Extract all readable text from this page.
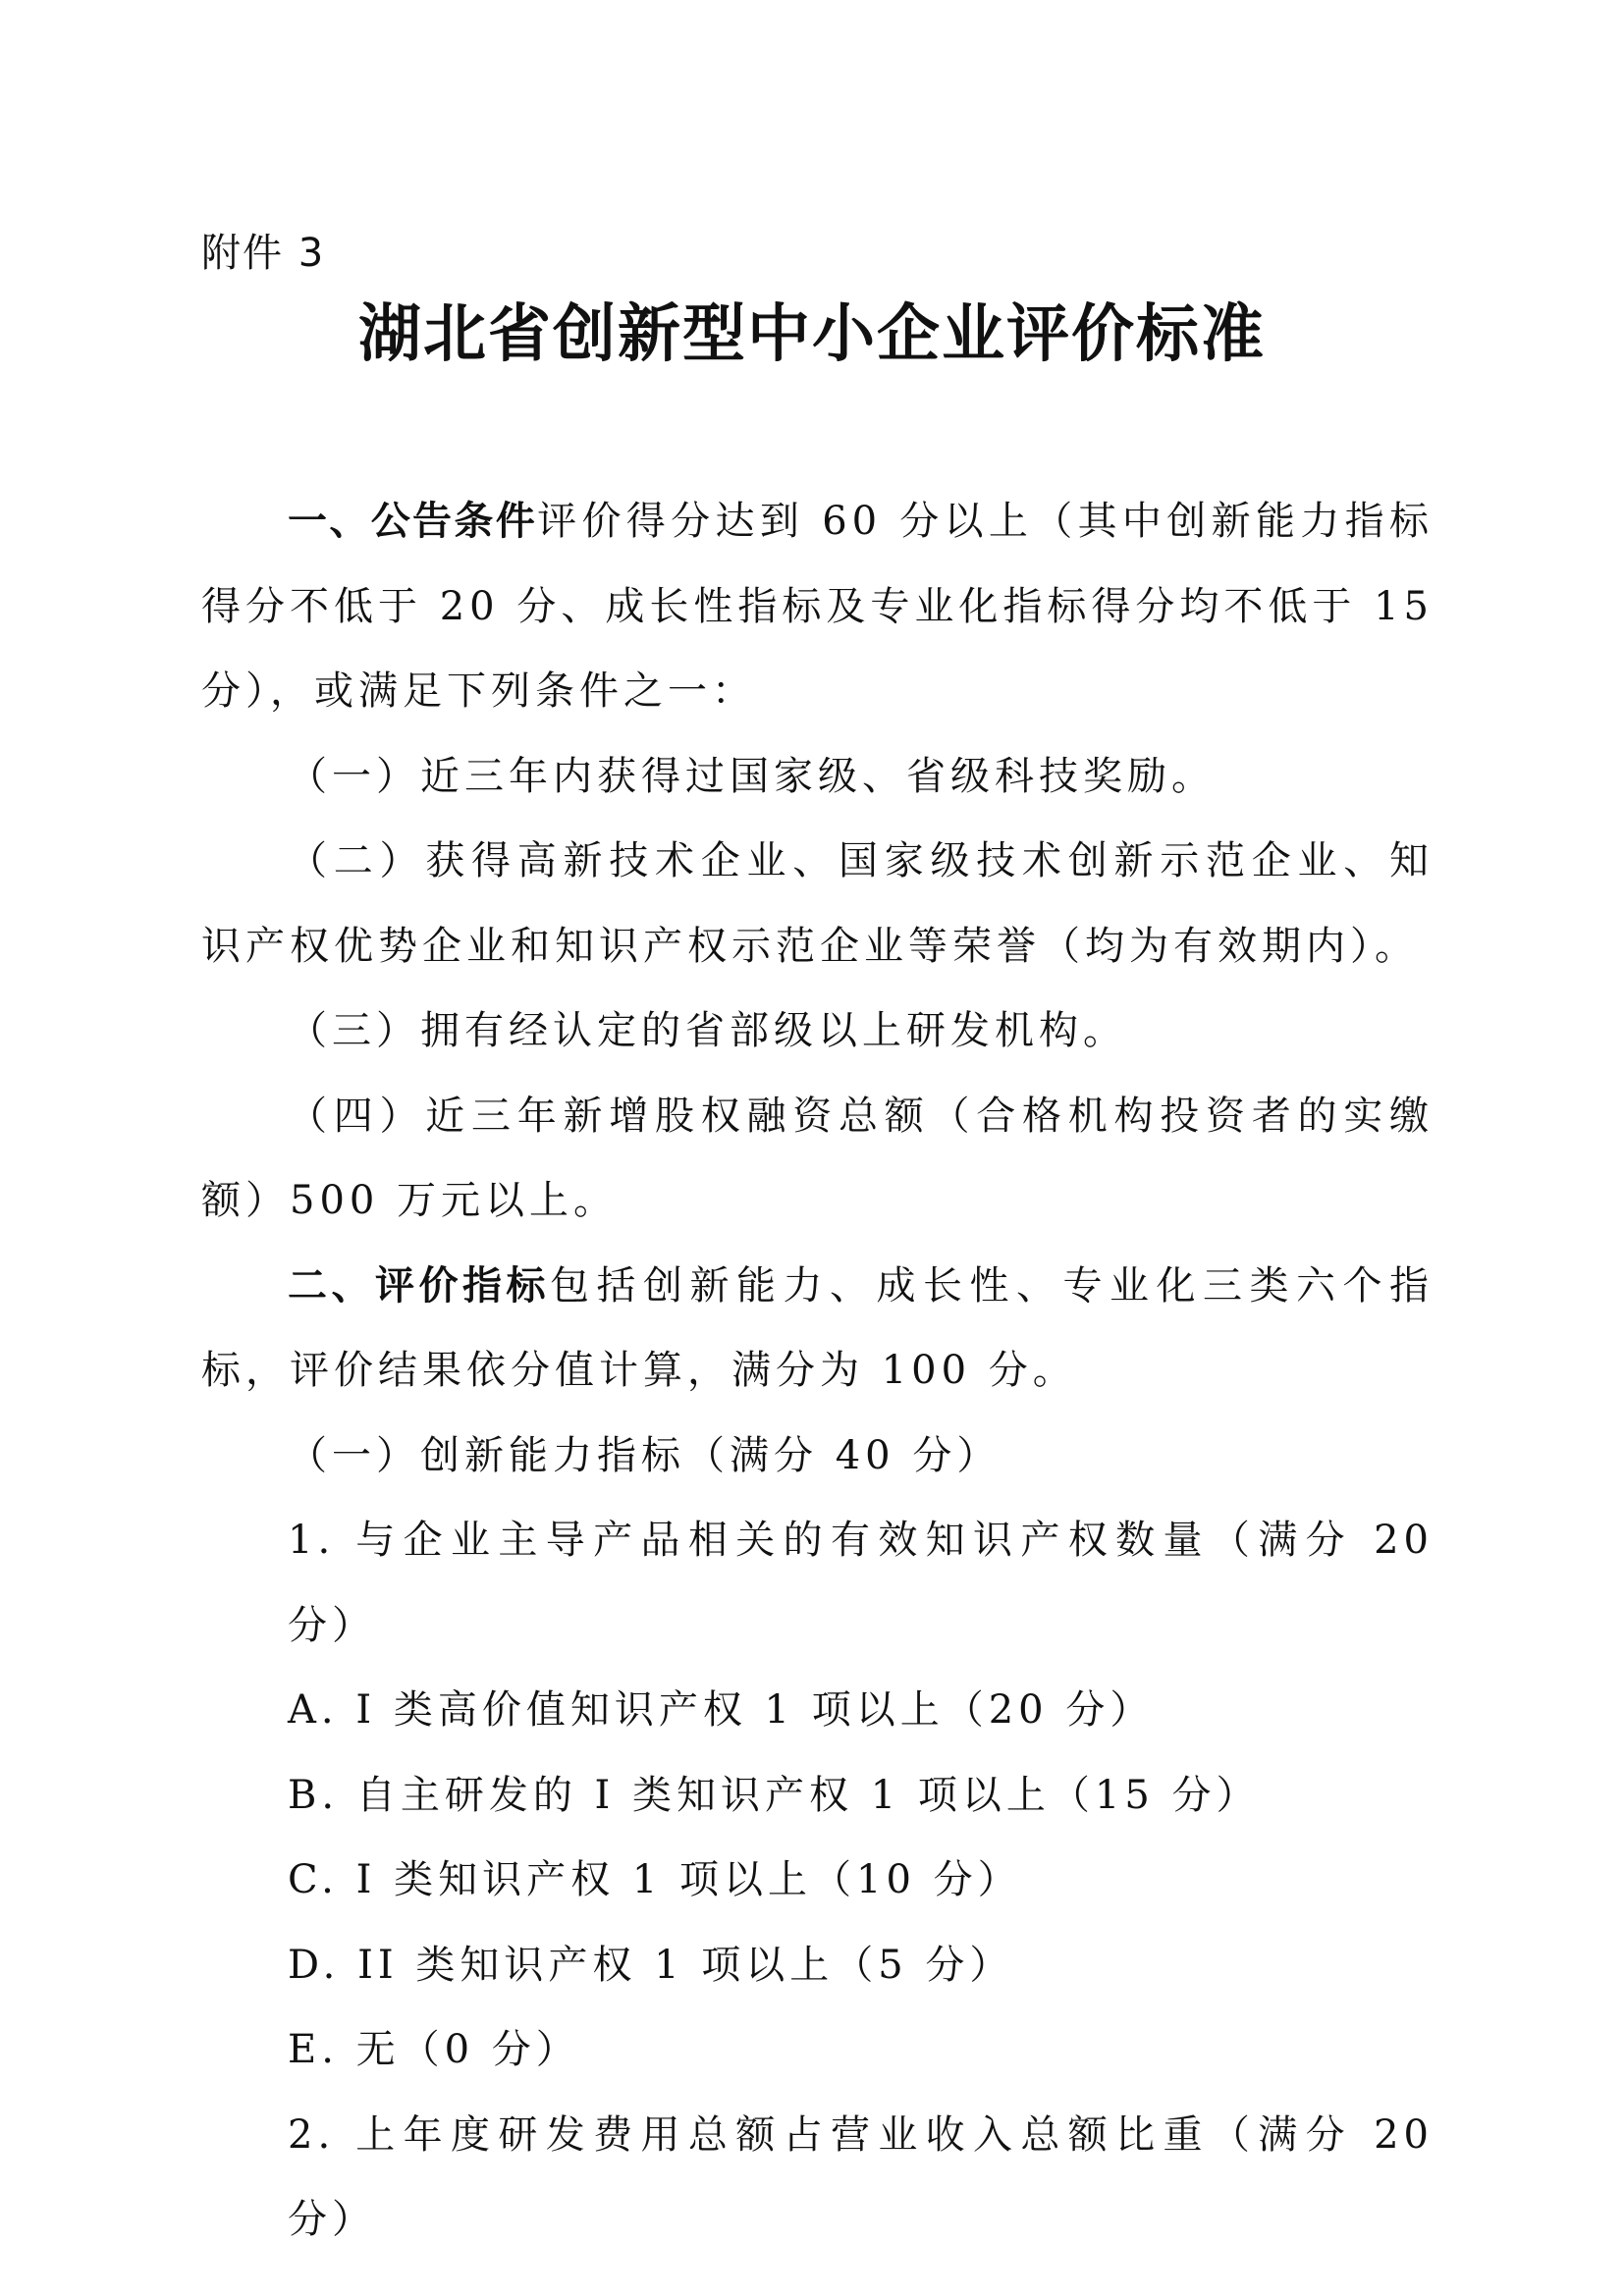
附件 3
湖北省创新型中小企业评价标准

一、公告条件评价得分达到 60 分以上（其中创新能力指标得分不低于 20 分、成长性指标及专业化指标得分均不低于 15 分），或满足下列条件之一：

（一）近三年内获得过国家级、省级科技奖励。

（二）获得高新技术企业、国家级技术创新示范企业、知识产权优势企业和知识产权示范企业等荣誉（均为有效期内）。

（三）拥有经认定的省部级以上研发机构。

（四）近三年新增股权融资总额（合格机构投资者的实缴额）500 万元以上。

二、评价指标包括创新能力、成长性、专业化三类六个指标，评价结果依分值计算，满分为 100 分。

（一）创新能力指标（满分 40 分）

1. 与企业主导产品相关的有效知识产权数量（满分 20 分）

A. I 类高价值知识产权 1 项以上（20 分）

B. 自主研发的 I 类知识产权 1 项以上（15 分）

C. I 类知识产权 1 项以上（10 分）

D. II 类知识产权 1 项以上（5 分）

E. 无（0 分）

2. 上年度研发费用总额占营业收入总额比重（满分 20 分）
